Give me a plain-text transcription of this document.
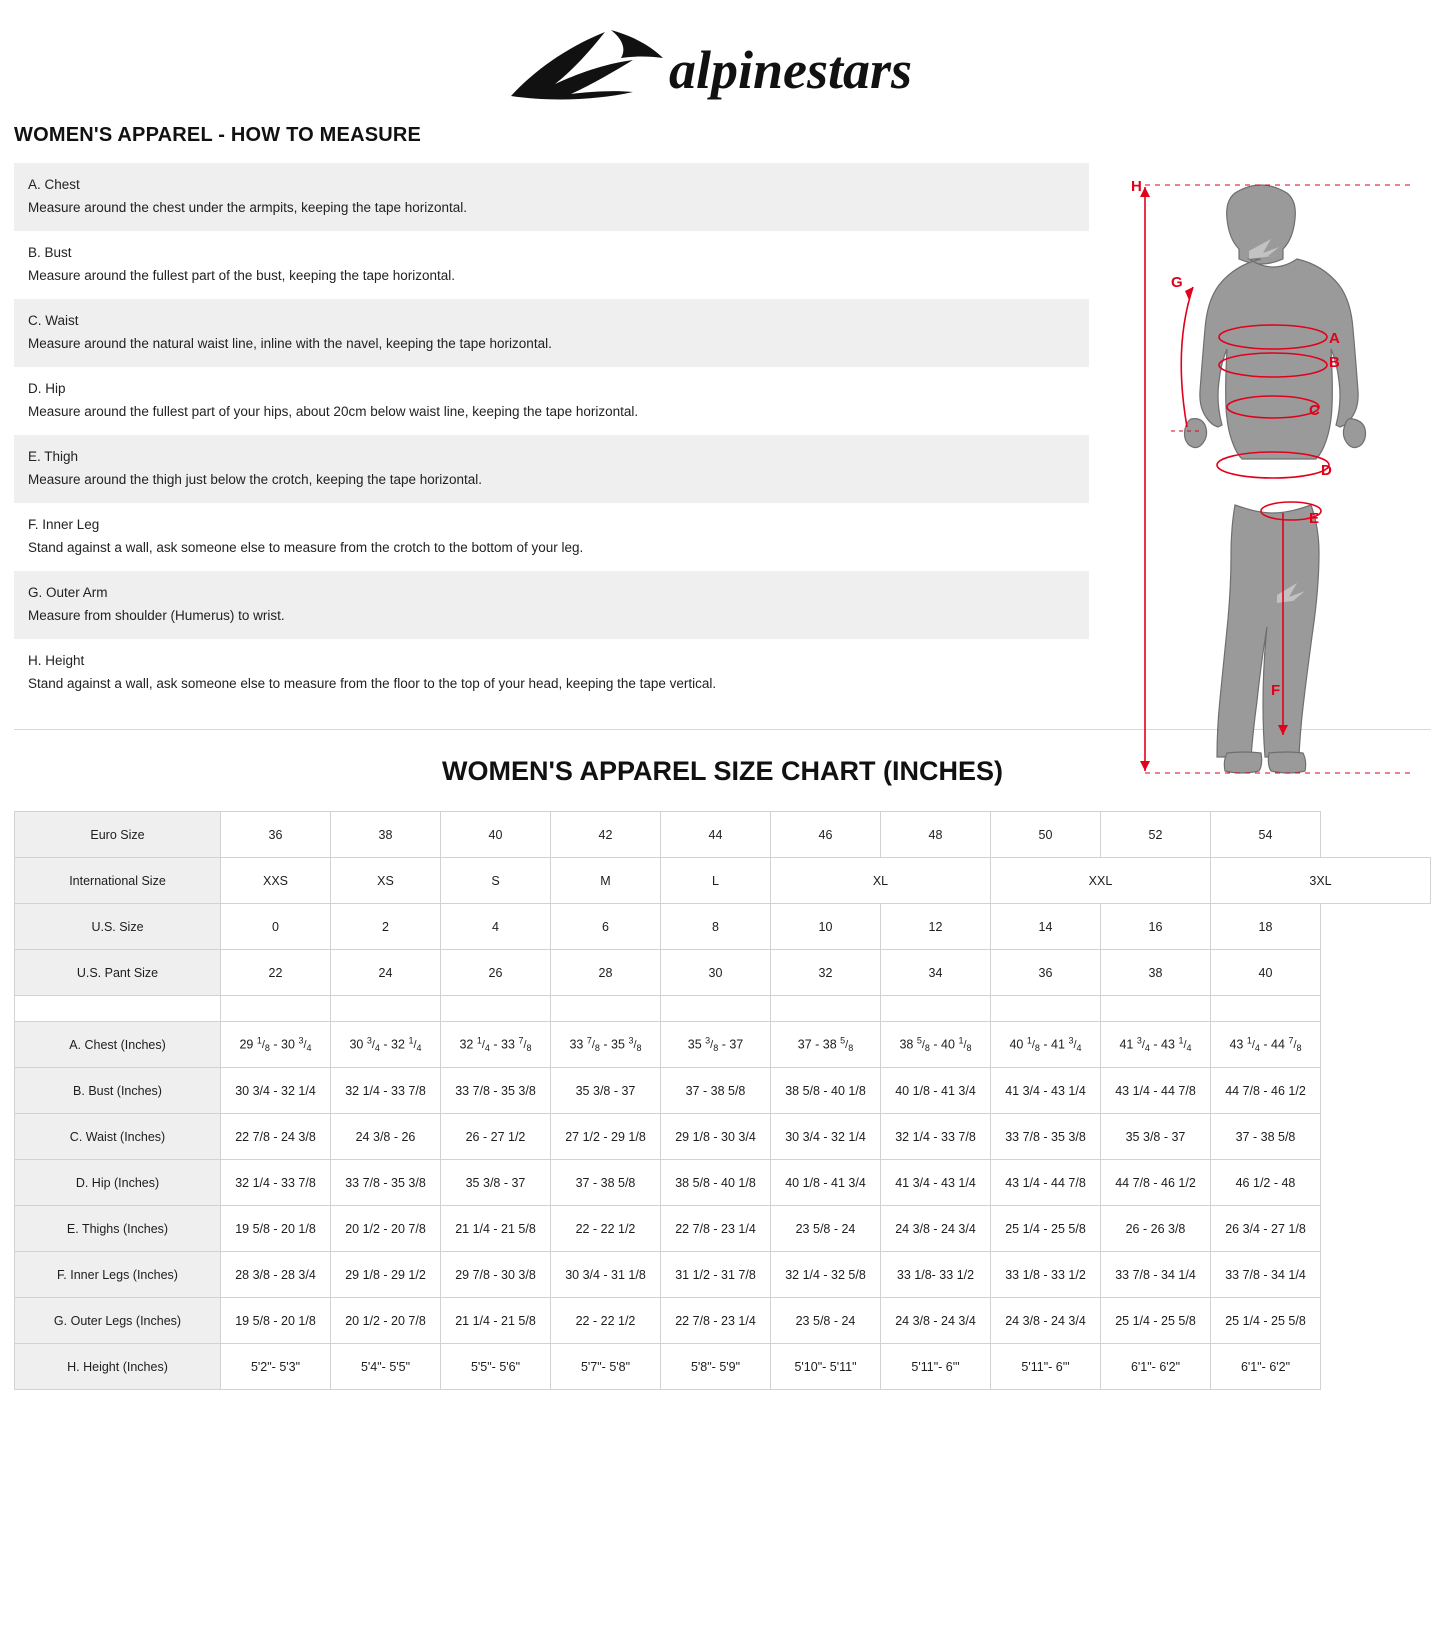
alpinestars
WOMEN'S APPAREL - HOW TO MEASURE
A. Chest
Measure around the chest under the armpits, keeping the tape horizontal.
B. Bust
Measure around the fullest part of the bust, keeping the tape horizontal.
C. Waist
Measure around the natural waist line, inline with the navel, keeping the tape horizontal.
D. Hip
Measure around the fullest part of your hips, about 20cm below waist line, keeping the tape horizontal.
E. Thigh
Measure around the thigh just below the crotch, keeping the tape horizontal.
F. Inner Leg
Stand against a wall, ask someone else to measure from the crotch to the bottom of your leg.
G. Outer Arm
Measure from shoulder (Humerus) to wrist.
H. Height
Stand against a wall, ask someone else to measure from the floor to the top of your head, keeping the tape vertical.
H
G
A
B
C
D
E
F
WOMEN'S APPAREL SIZE CHART (INCHES)
Euro Size	36	38	40	42	44	46	48	50	52	54
International Size	XXS	XS	S	M	L	XL		XXL		3XL
U.S. Size	0	2	4	6	8	10	12	14	16	18
U.S. Pant Size	22	24	26	28	30	32	34	36	38	40

A. Chest (Inches)	29 $^1/_8 - 30$ $^3/_4$	30 $^3/_4 - 32$ $^1/_4$	32 $^1/_4 - 33$ $^7/_8$	33 $^7/_8 - 35$ $^3/_8$	35 $^3/_8 - 37$	37 - 38 $^5/_8$	38 $^5/_8 - 40$ $^1/_8$	40 $^1/_8 - 41$ $^3/_4$	41 $^3/_4 - 43$ $^1/_4$	43 $^1/_4 - 44$ $^7/_8$
B. Bust (Inches)	30 3/4 - 32 1/4	32 1/4 - 33 7/8	33 7/8 - 35 3/8	35 3/8 - 37	37 - 38 5/8	38 5/8 - 40 1/8	40 1/8 - 41 3/4	41 3/4 - 43 1/4	43 1/4 - 44 7/8	44 7/8 - 46 1/2
C. Waist (Inches)	22 7/8 - 24 3/8	24 3/8 - 26	26 - 27 1/2	27 1/2 - 29 1/8	29 1/8 - 30 3/4	30 3/4 - 32 1/4	32 1/4 - 33 7/8	33 7/8 - 35 3/8	35 3/8 - 37	37 - 38 5/8
D. Hip (Inches)	32 1/4 - 33 7/8	33 7/8 - 35 3/8	35 3/8 - 37	37 - 38 5/8	38 5/8 - 40 1/8	40 1/8 - 41 3/4	41 3/4 - 43 1/4	43 1/4 - 44 7/8	44 7/8 - 46 1/2	46 1/2 - 48
E. Thighs (Inches)	19 5/8 - 20 1/8	20 1/2 - 20 7/8	21 1/4 - 21 5/8	22 - 22 1/2	22 7/8 - 23 1/4	23 5/8 - 24	24 3/8 - 24 3/4	25 1/4 - 25 5/8	26 - 26 3/8	26 3/4 - 27 1/8
F. Inner Legs (Inches)	28 3/8 - 28 3/4	29 1/8 - 29 1/2	29 7/8 - 30 3/8	30 3/4 - 31 1/8	31 1/2 - 31 7/8	32 1/4 - 32 5/8	33 1/8- 33 1/2	33 1/8 - 33 1/2	33 7/8 - 34 1/4	33 7/8 - 34 1/4
G. Outer Legs (Inches)	19 5/8 - 20 1/8	20 1/2 - 20 7/8	21 1/4 - 21 5/8	22 - 22 1/2	22 7/8 - 23 1/4	23 5/8 - 24	24 3/8 - 24 3/4	24 3/8 - 24 3/4	25 1/4 - 25 5/8	25 1/4 - 25 5/8
H. Height (Inches)	5'2"- 5'3"	5'4"- 5'5"	5'5"- 5'6"	5'7"- 5'8"	5'8"- 5'9"	5'10"- 5'11"	5'11"- 6'"	5'11"- 6'"	6'1"- 6'2"	6'1"- 6'2"
